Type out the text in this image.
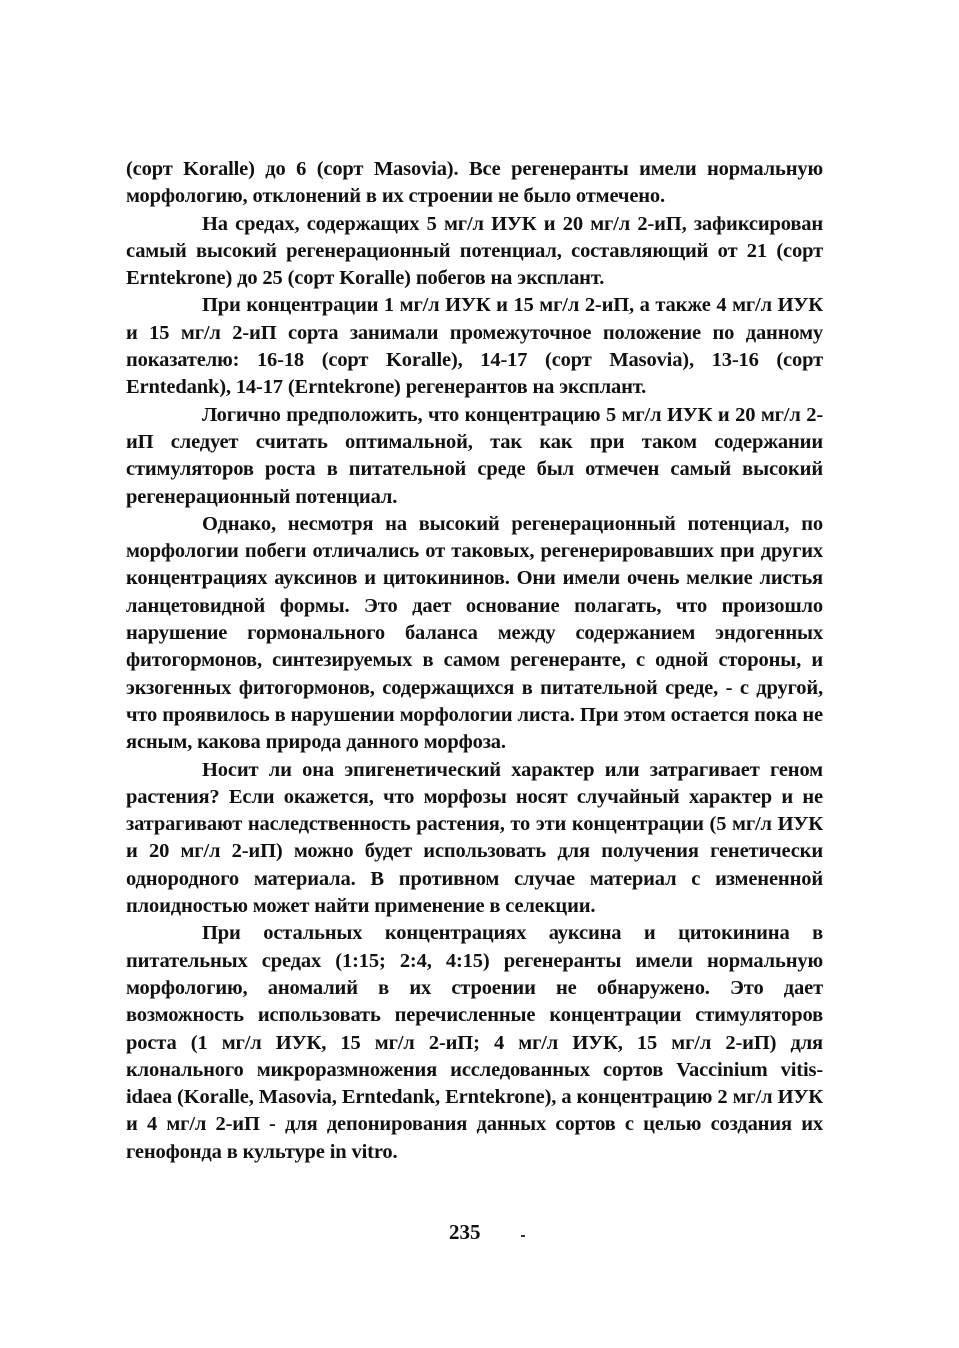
(сорт Koralle) до 6 (сорт Masovia). Все регенеранты имели нормальную морфологию, отклонений в их строении не было отмечено.

На средах, содержащих 5 мг/л ИУК и 20 мг/л 2-иП, зафиксирован самый высокий регенерационный потенциал, составляющий от 21 (сорт Erntekrone) до 25 (сорт Koralle) побегов на эксплант.

При концентрации 1 мг/л ИУК и 15 мг/л 2-иП, а также 4 мг/л ИУК и 15 мг/л 2-иП сорта занимали промежуточное положение по данному показателю: 16-18 (сорт Koralle), 14-17 (сорт Masovia), 13-16 (сорт Erntedank), 14-17 (Erntekrone) регенерантов на эксплант.

Логично предположить, что концентрацию 5 мг/л ИУК и 20 мг/л 2-иП следует считать оптимальной, так как при таком содержании стимуляторов роста в питательной среде был отмечен самый высокий регенерационный потенциал.

Однако, несмотря на высокий регенерационный потенциал, по морфологии побеги отличались от таковых, регенерировавших при других концентрациях ауксинов и цитокининов. Они имели очень мелкие листья ланцетовидной формы. Это дает основание полагать, что произошло нарушение гормонального баланса между содержанием эндогенных фитогормонов, синтезируемых в самом регенеранте, с одной стороны, и экзогенных фитогормонов, содержащихся в питательной среде, - с другой, что проявилось в нарушении морфологии листа. При этом остается пока не ясным, какова природа данного морфоза.

Носит ли она эпигенетический характер или затрагивает геном растения? Если окажется, что морфозы носят случайный характер и не затрагивают наследственность растения, то эти концентрации (5 мг/л ИУК и 20 мг/л 2-иП) можно будет использовать для получения генетически однородного материала. В противном случае материал с измененной плоидностью может найти применение в селекции.

При остальных концентрациях ауксина и цитокинина в питательных средах (1:15; 2:4, 4:15) регенеранты имели нормальную морфологию, аномалий в их строении не обнаружено. Это дает возможность использовать перечисленные концентрации стимуляторов роста (1 мг/л ИУК, 15 мг/л 2-иП; 4 мг/л ИУК, 15 мг/л 2-иП) для клонального микроразмножения исследованных сортов Vaccinium vitis-idaea (Koralle, Masovia, Erntedank, Erntekrone), а концентрацию 2 мг/л ИУК и 4 мг/л 2-иП - для депонирования данных сортов с целью создания их генофонда в культуре in vitro.

235
